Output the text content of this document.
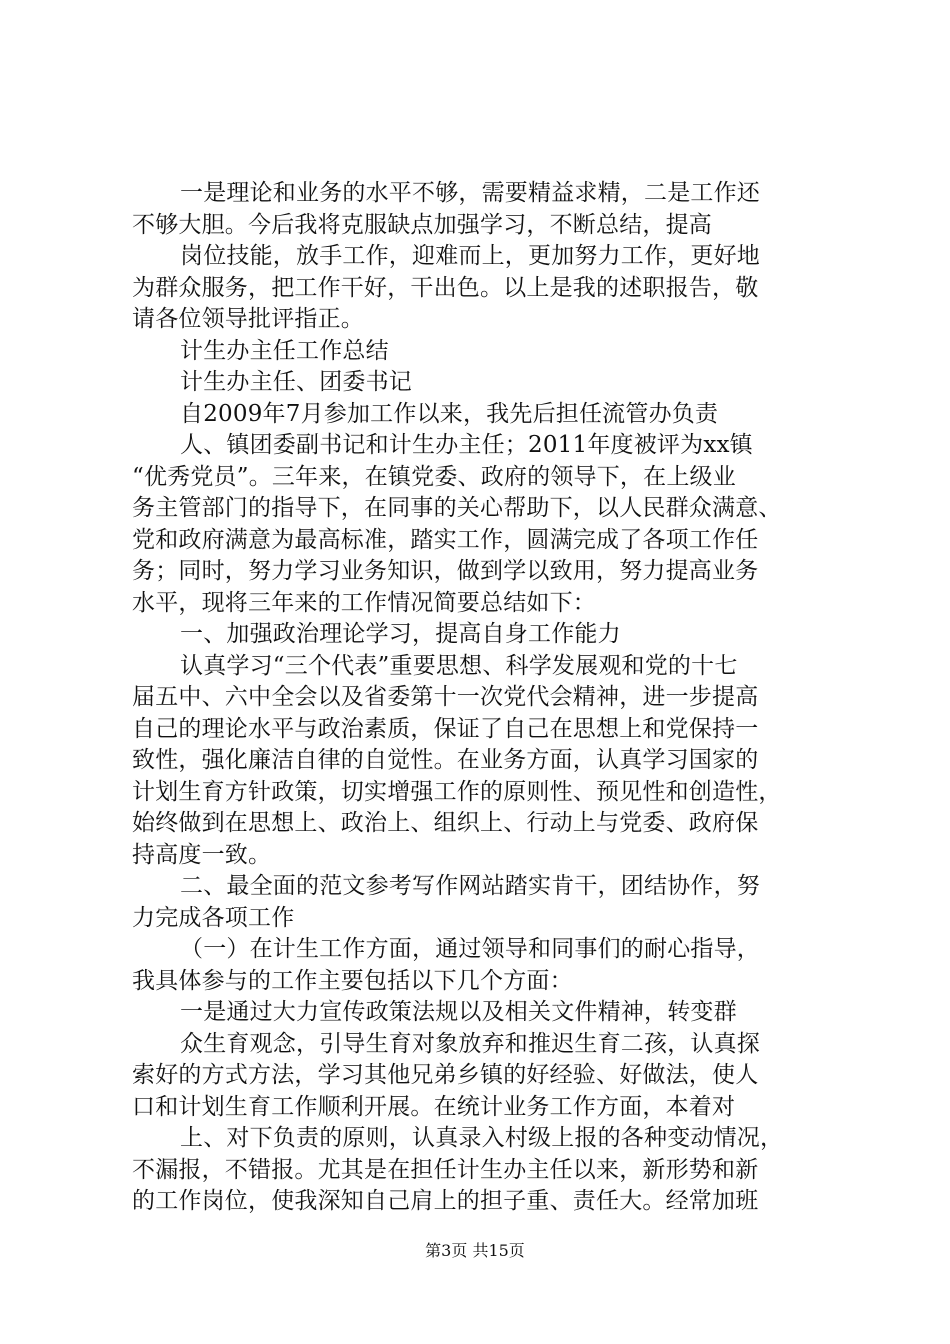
一是理论和业务的水平不够，需要精益求精，二是工作还
不够大胆。今后我将克服缺点加强学习，不断总结，提高
岗位技能，放手工作，迎难而上，更加努力工作，更好地
为群众服务，把工作干好，干出色。以上是我的述职报告，敬
请各位领导批评指正。
计生办主任工作总结
计生办主任、团委书记
自2009年7月参加工作以来，我先后担任流管办负责
人、镇团委副书记和计生办主任；2011年度被评为xx镇
“优秀党员”。三年来，在镇党委、政府的领导下，在上级业
务主管部门的指导下，在同事的关心帮助下，以人民群众满意、
党和政府满意为最高标准，踏实工作，圆满完成了各项工作任
务；同时，努力学习业务知识，做到学以致用，努力提高业务
水平，现将三年来的工作情况简要总结如下：
一、加强政治理论学习，提高自身工作能力
认真学习“三个代表”重要思想、科学发展观和党的十七
届五中、六中全会以及省委第十一次党代会精神，进一步提高
自己的理论水平与政治素质，保证了自己在思想上和党保持一
致性，强化廉洁自律的自觉性。在业务方面，认真学习国家的
计划生育方针政策，切实增强工作的原则性、预见性和创造性，
始终做到在思想上、政治上、组织上、行动上与党委、政府保
持高度一致。
二、最全面的范文参考写作网站踏实肯干，团结协作，努
力完成各项工作
（一）在计生工作方面，通过领导和同事们的耐心指导，
我具体参与的工作主要包括以下几个方面：
一是通过大力宣传政策法规以及相关文件精神，转变群
众生育观念，引导生育对象放弃和推迟生育二孩，认真探
索好的方式方法，学习其他兄弟乡镇的好经验、好做法，使人
口和计划生育工作顺利开展。在统计业务工作方面，本着对
上、对下负责的原则，认真录入村级上报的各种变动情况，
不漏报，不错报。尤其是在担任计生办主任以来，新形势和新
的工作岗位，使我深知自己肩上的担子重、责任大。经常加班
第3页 共15页
